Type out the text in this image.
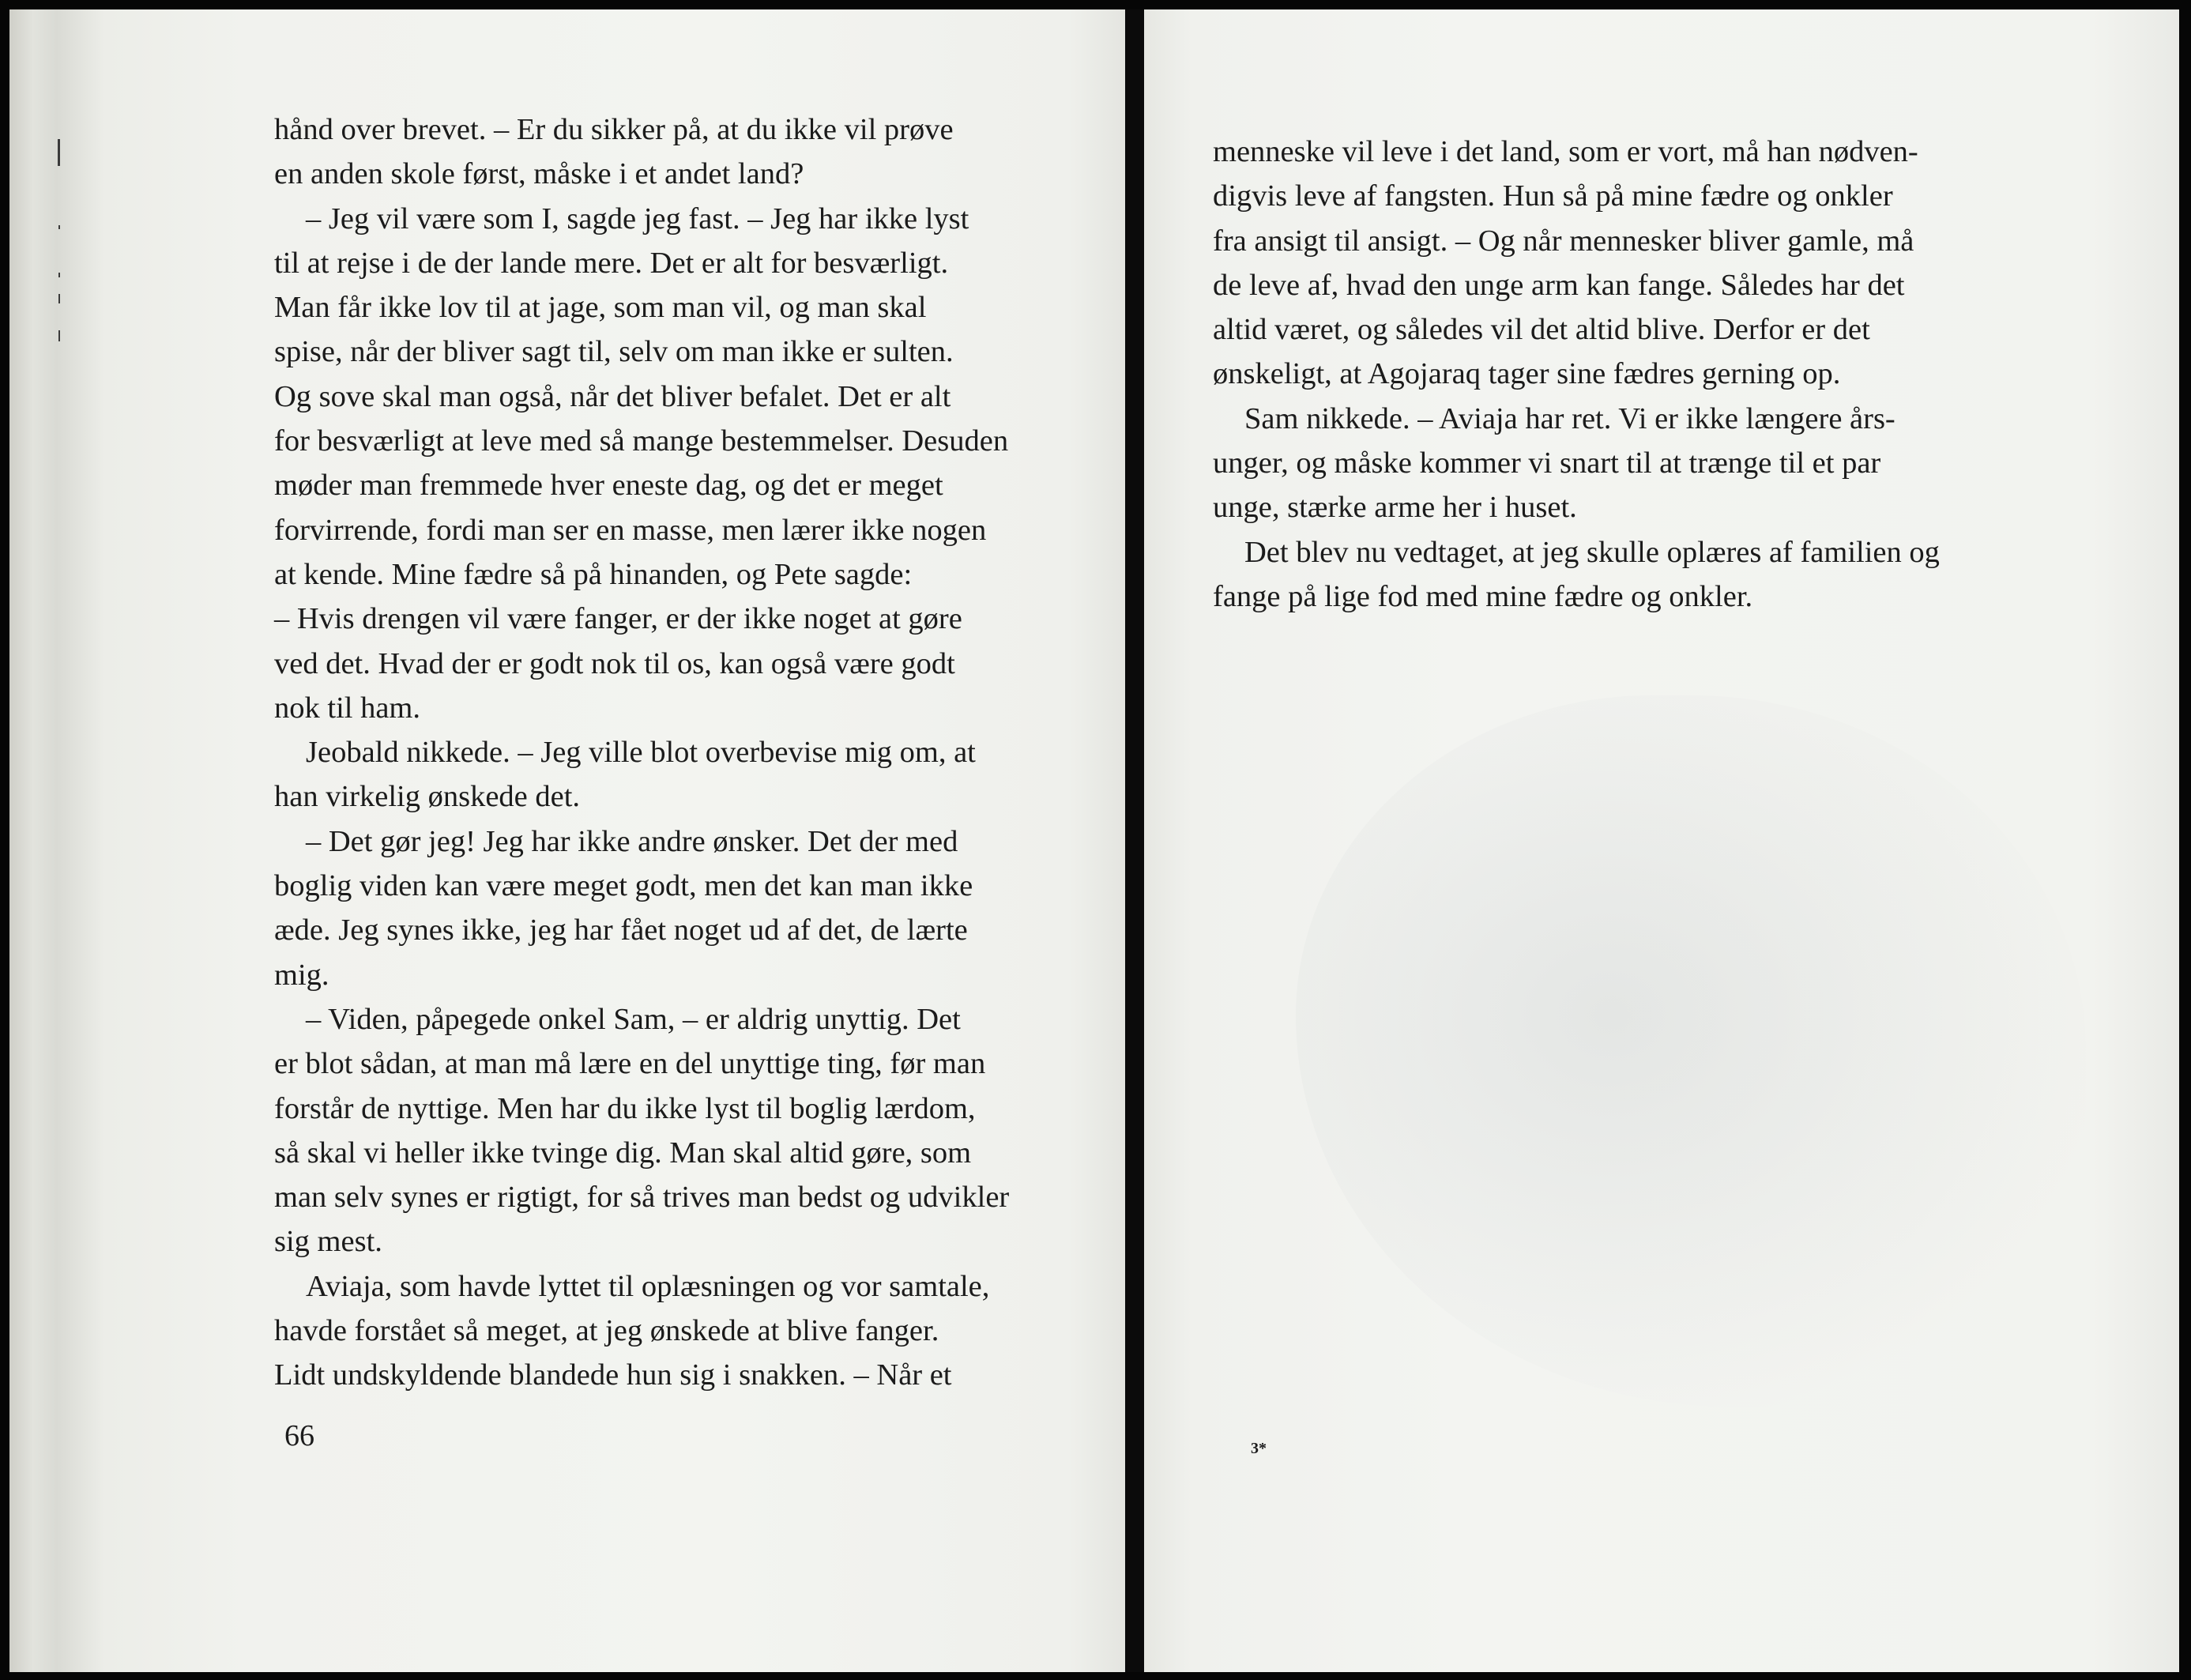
hånd over brevet. – Er du sikker på, at du ikke vil prøve

en anden skole først, måske i et andet land?

– Jeg vil være som I, sagde jeg fast. – Jeg har ikke lyst

til at rejse i de der lande mere. Det er alt for besværligt.

Man får ikke lov til at jage, som man vil, og man skal

spise, når der bliver sagt til, selv om man ikke er sulten.

Og sove skal man også, når det bliver befalet. Det er alt

for besværligt at leve med så mange bestemmelser. Desuden

møder man fremmede hver eneste dag, og det er meget

forvirrende, fordi man ser en masse, men lærer ikke nogen

at kende. Mine fædre så på hinanden, og Pete sagde:

– Hvis drengen vil være fanger, er der ikke noget at gøre

ved det. Hvad der er godt nok til os, kan også være godt

nok til ham.

Jeobald nikkede. – Jeg ville blot overbevise mig om, at

han virkelig ønskede det.

– Det gør jeg! Jeg har ikke andre ønsker. Det der med

boglig viden kan være meget godt, men det kan man ikke

æde. Jeg synes ikke, jeg har fået noget ud af det, de lærte

mig.

– Viden, påpegede onkel Sam, – er aldrig unyttig. Det

er blot sådan, at man må lære en del unyttige ting, før man

forstår de nyttige. Men har du ikke lyst til boglig lærdom,

så skal vi heller ikke tvinge dig. Man skal altid gøre, som

man selv synes er rigtigt, for så trives man bedst og udvikler

sig mest.

Aviaja, som havde lyttet til oplæsningen og vor samtale,

havde forstået så meget, at jeg ønskede at blive fanger.

Lidt undskyldende blandede hun sig i snakken. – Når et

66

menneske vil leve i det land, som er vort, må han nødven-

digvis leve af fangsten. Hun så på mine fædre og onkler

fra ansigt til ansigt. – Og når mennesker bliver gamle, må

de leve af, hvad den unge arm kan fange. Således har det

altid været, og således vil det altid blive. Derfor er det

ønskeligt, at Agojaraq tager sine fædres gerning op.

Sam nikkede. – Aviaja har ret. Vi er ikke længere års-

unger, og måske kommer vi snart til at trænge til et par

unge, stærke arme her i huset.

Det blev nu vedtaget, at jeg skulle oplæres af familien og

fange på lige fod med mine fædre og onkler.

3*
